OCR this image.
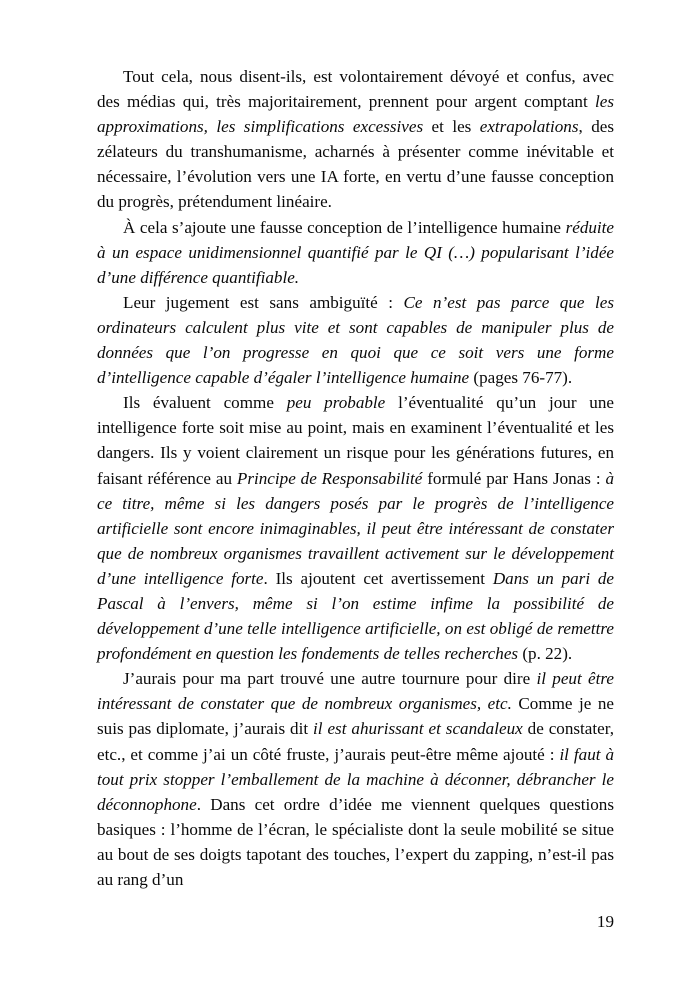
Tout cela, nous disent-ils, est volontairement dévoyé et confus, avec des médias qui, très majoritairement, prennent pour argent comptant les approximations, les simplifications excessives et les extrapolations, des zélateurs du transhumanisme, acharnés à présenter comme inévitable et nécessaire, l’évolution vers une IA forte, en vertu d’une fausse conception du progrès, prétendument linéaire.

À cela s’ajoute une fausse conception de l’intelligence humaine réduite à un espace unidimensionnel quantifié par le QI (…) popularisant l’idée d’une différence quantifiable.

Leur jugement est sans ambiguïté : Ce n’est pas parce que les ordinateurs calculent plus vite et sont capables de manipuler plus de données que l’on progresse en quoi que ce soit vers une forme d’intelligence capable d’égaler l’intelligence humaine (pages 76-77).

Ils évaluent comme peu probable l’éventualité qu’un jour une intelligence forte soit mise au point, mais en examinent l’éventualité et les dangers. Ils y voient clairement un risque pour les générations futures, en faisant référence au Principe de Responsabilité formulé par Hans Jonas : à ce titre, même si les dangers posés par le progrès de l’intelligence artificielle sont encore inimaginables, il peut être intéressant de constater que de nombreux organismes travaillent activement sur le développement d’une intelligence forte. Ils ajoutent cet avertissement Dans un pari de Pascal à l’envers, même si l’on estime infime la possibilité de développement d’une telle intelligence artificielle, on est obligé de remettre profondément en question les fondements de telles recherches (p. 22).

J’aurais pour ma part trouvé une autre tournure pour dire il peut être intéressant de constater que de nombreux organismes, etc. Comme je ne suis pas diplomate, j’aurais dit il est ahurissant et scandaleux de constater, etc., et comme j’ai un côté fruste, j’aurais peut-être même ajouté : il faut à tout prix stopper l’emballement de la machine à déconner, débrancher le déconnophone. Dans cet ordre d’idée me viennent quelques questions basiques : l’homme de l’écran, le spécialiste dont la seule mobilité se situe au bout de ses doigts tapotant des touches, l’expert du zapping, n’est-il pas au rang d’un

19
